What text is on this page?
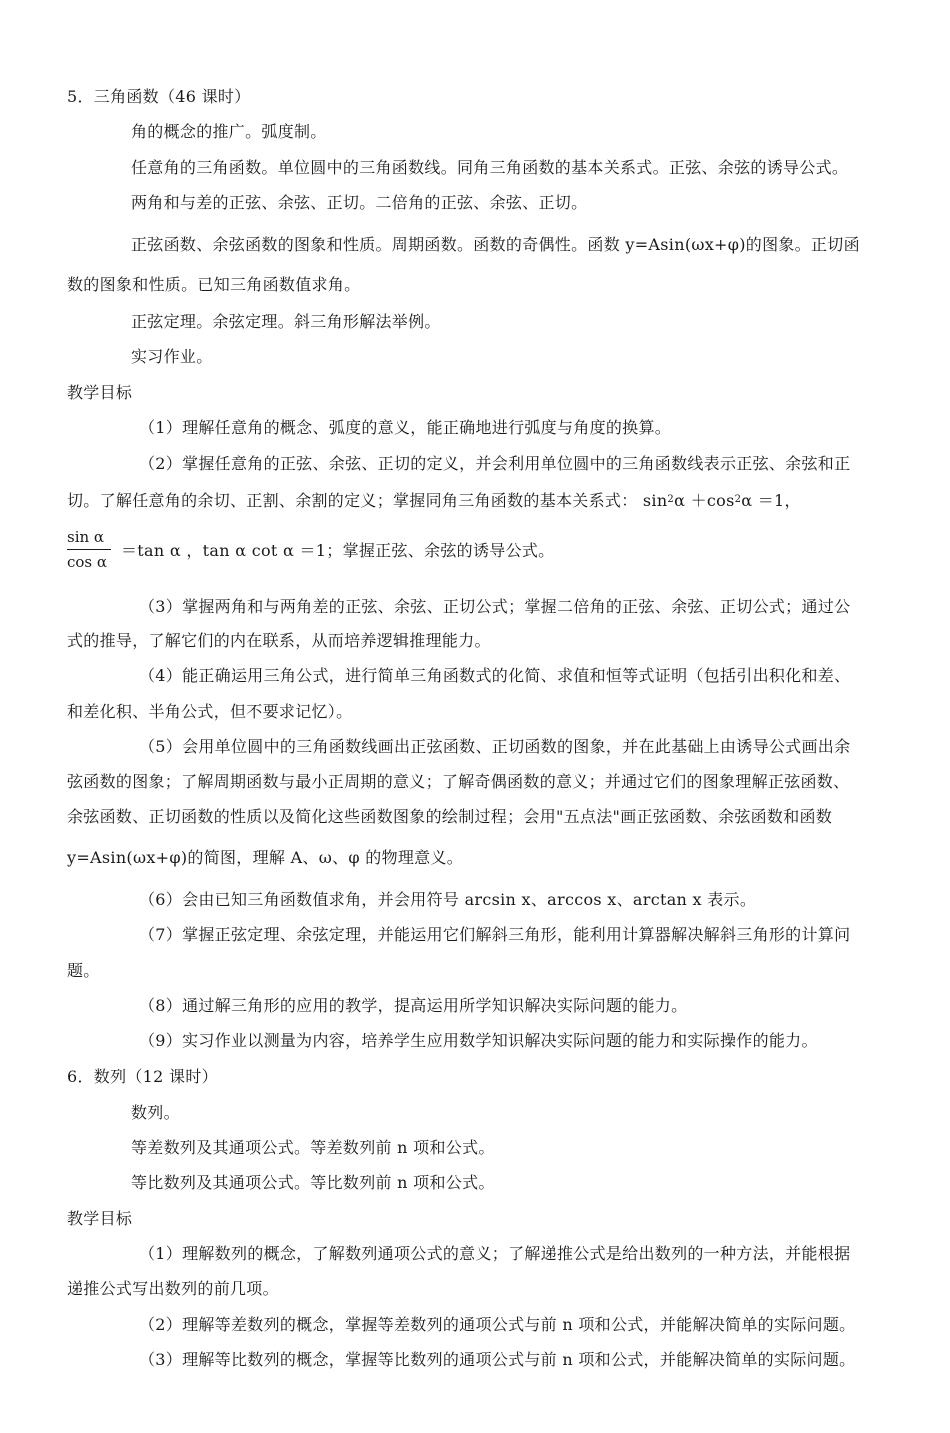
5．三角函数（46 课时）
角的概念的推广。弧度制。
任意角的三角函数。单位圆中的三角函数线。同角三角函数的基本关系式。正弦、余弦的诱导公式。
两角和与差的正弦、余弦、正切。二倍角的正弦、余弦、正切。
正弦函数、余弦函数的图象和性质。周期函数。函数的奇偶性。函数 y=Asin(ωx+φ)的图象。正切函
数的图象和性质。已知三角函数值求角。
正弦定理。余弦定理。斜三角形解法举例。
实习作业。
教学目标
（1）理解任意角的概念、弧度的意义，能正确地进行弧度与角度的换算。
（2）掌握任意角的正弦、余弦、正切的定义，并会利用单位圆中的三角函数线表示正弦、余弦和正
切。了解任意角的余切、正割、余割的定义；掌握同角三角函数的基本关系式： $\sin^2\alpha +\cos^2\alpha =1$，
sin α
cos α
＝tan α ，tan α cot α ＝1；掌握正弦、余弦的诱导公式。
（3）掌握两角和与两角差的正弦、余弦、正切公式；掌握二倍角的正弦、余弦、正切公式；通过公
式的推导，了解它们的内在联系，从而培养逻辑推理能力。
（4）能正确运用三角公式，进行简单三角函数式的化简、求值和恒等式证明（包括引出积化和差、
和差化积、半角公式，但不要求记忆）。
（5）会用单位圆中的三角函数线画出正弦函数、正切函数的图象，并在此基础上由诱导公式画出余
弦函数的图象；了解周期函数与最小正周期的意义；了解奇偶函数的意义；并通过它们的图象理解正弦函数、
余弦函数、正切函数的性质以及简化这些函数图象的绘制过程；会用"五点法"画正弦函数、余弦函数和函数
y=Asin(ωx+φ)的简图，理解 A、ω、φ 的物理意义。
（6）会由已知三角函数值求角，并会用符号 arcsin x、arccos x、arctan x 表示。
（7）掌握正弦定理、余弦定理，并能运用它们解斜三角形，能利用计算器解决解斜三角形的计算问
题。
（8）通过解三角形的应用的教学，提高运用所学知识解决实际问题的能力。
（9）实习作业以测量为内容，培养学生应用数学知识解决实际问题的能力和实际操作的能力。
6．数列（12 课时）
数列。
等差数列及其通项公式。等差数列前 n 项和公式。
等比数列及其通项公式。等比数列前 n 项和公式。
教学目标
（1）理解数列的概念，了解数列通项公式的意义；了解递推公式是给出数列的一种方法，并能根据
递推公式写出数列的前几项。
（2）理解等差数列的概念，掌握等差数列的通项公式与前 n 项和公式，并能解决简单的实际问题。
（3）理解等比数列的概念，掌握等比数列的通项公式与前 n 项和公式，并能解决简单的实际问题。
